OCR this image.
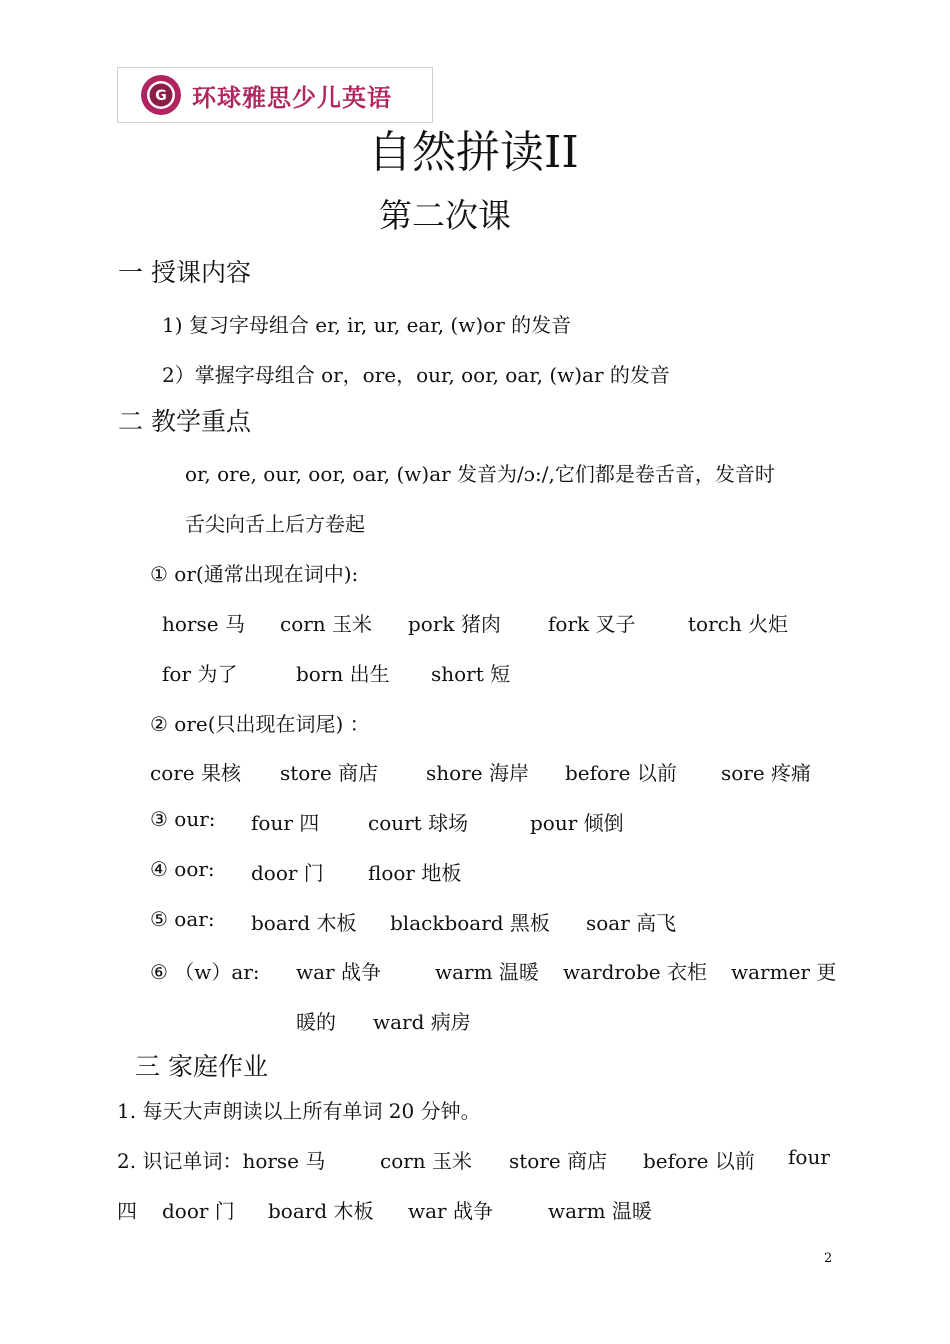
G 环球雅思少儿英语
自然拼读II
第二次课
一 授课内容
1) 复习字母组合 er, ir, ur, ear, (w)or 的发音
2）掌握字母组合 or，ore，our, oor, oar, (w)ar 的发音
二 教学重点
or, ore, our, oor, oar, (w)ar 发音为/ɔ:/,它们都是卷舌音，发音时
舌尖向舌上后方卷起
① or(通常出现在词中):
horse 马 corn 玉米 pork 猪肉 fork 叉子	torch 火炬
for 为了	born 出生 short 短
② ore(只出现在词尾) ：
core 果核 store 商店 shore 海岸 before 以前 sore 疼痛
③ our: four 四 court 球场	pour 倾倒
④ oor: door 门 floor 地板
⑤ oar: board 木板 blackboard 黑板 soar 高飞
⑥ （w）ar: war 战争	warm 温暖 wardrobe 衣柜 warmer 更
暖的 ward 病房
三 家庭作业
1. 每天大声朗读以上所有单词 20 分钟。
2. 识记单词：horse 马	corn 玉米 store 商店 before 以前 four
四 door 门 board 木板 war 战争	warm 温暖
2
